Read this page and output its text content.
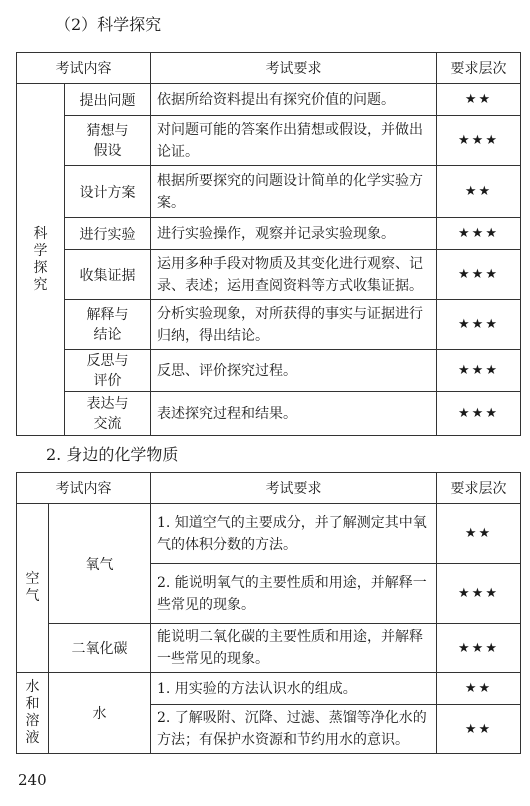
（2）科学探究
考试内容		考试要求	要求层次

科学探究	提出问题	依据所给资料提出有探究价值的问题。	★★

	猜想与假设	对问题可能的答案作出猜想或假设，并做出论证。	★★★
	设计方案	根据所要探究的问题设计简单的化学实验方案。	★★
	进行实验	进行实验操作，观察并记录实验现象。	★★★
	收集证据	运用多种手段对物质及其变化进行观察、记录、表述；运用查阅资料等方式收集证据。	★★★

	解释与结论	分析实验现象，对所获得的事实与证据进行归纳，得出结论。	★★★

	反思与评价	反思、评价探究过程。	★★★

	表达与交流	表述探究过程和结果。	★★★
2. 身边的化学物质
考试内容		考试要求	要求层次

空气	氧气	1. 知道空气的主要成分，并了解测定其中氧气的体积分数的方法。	★★
		2. 能说明氧气的主要性质和用途，并解释一些常见的现象。	★★★
	二氧化碳	能说明二氧化碳的主要性质和用途，并解释一些常见的现象。	★★★

水和溶液	水	1. 用实验的方法认识水的组成。	★★
		2. 了解吸附、沉降、过滤、蒸馏等净化水的方法；有保护水资源和节约用水的意识。	★★
240
